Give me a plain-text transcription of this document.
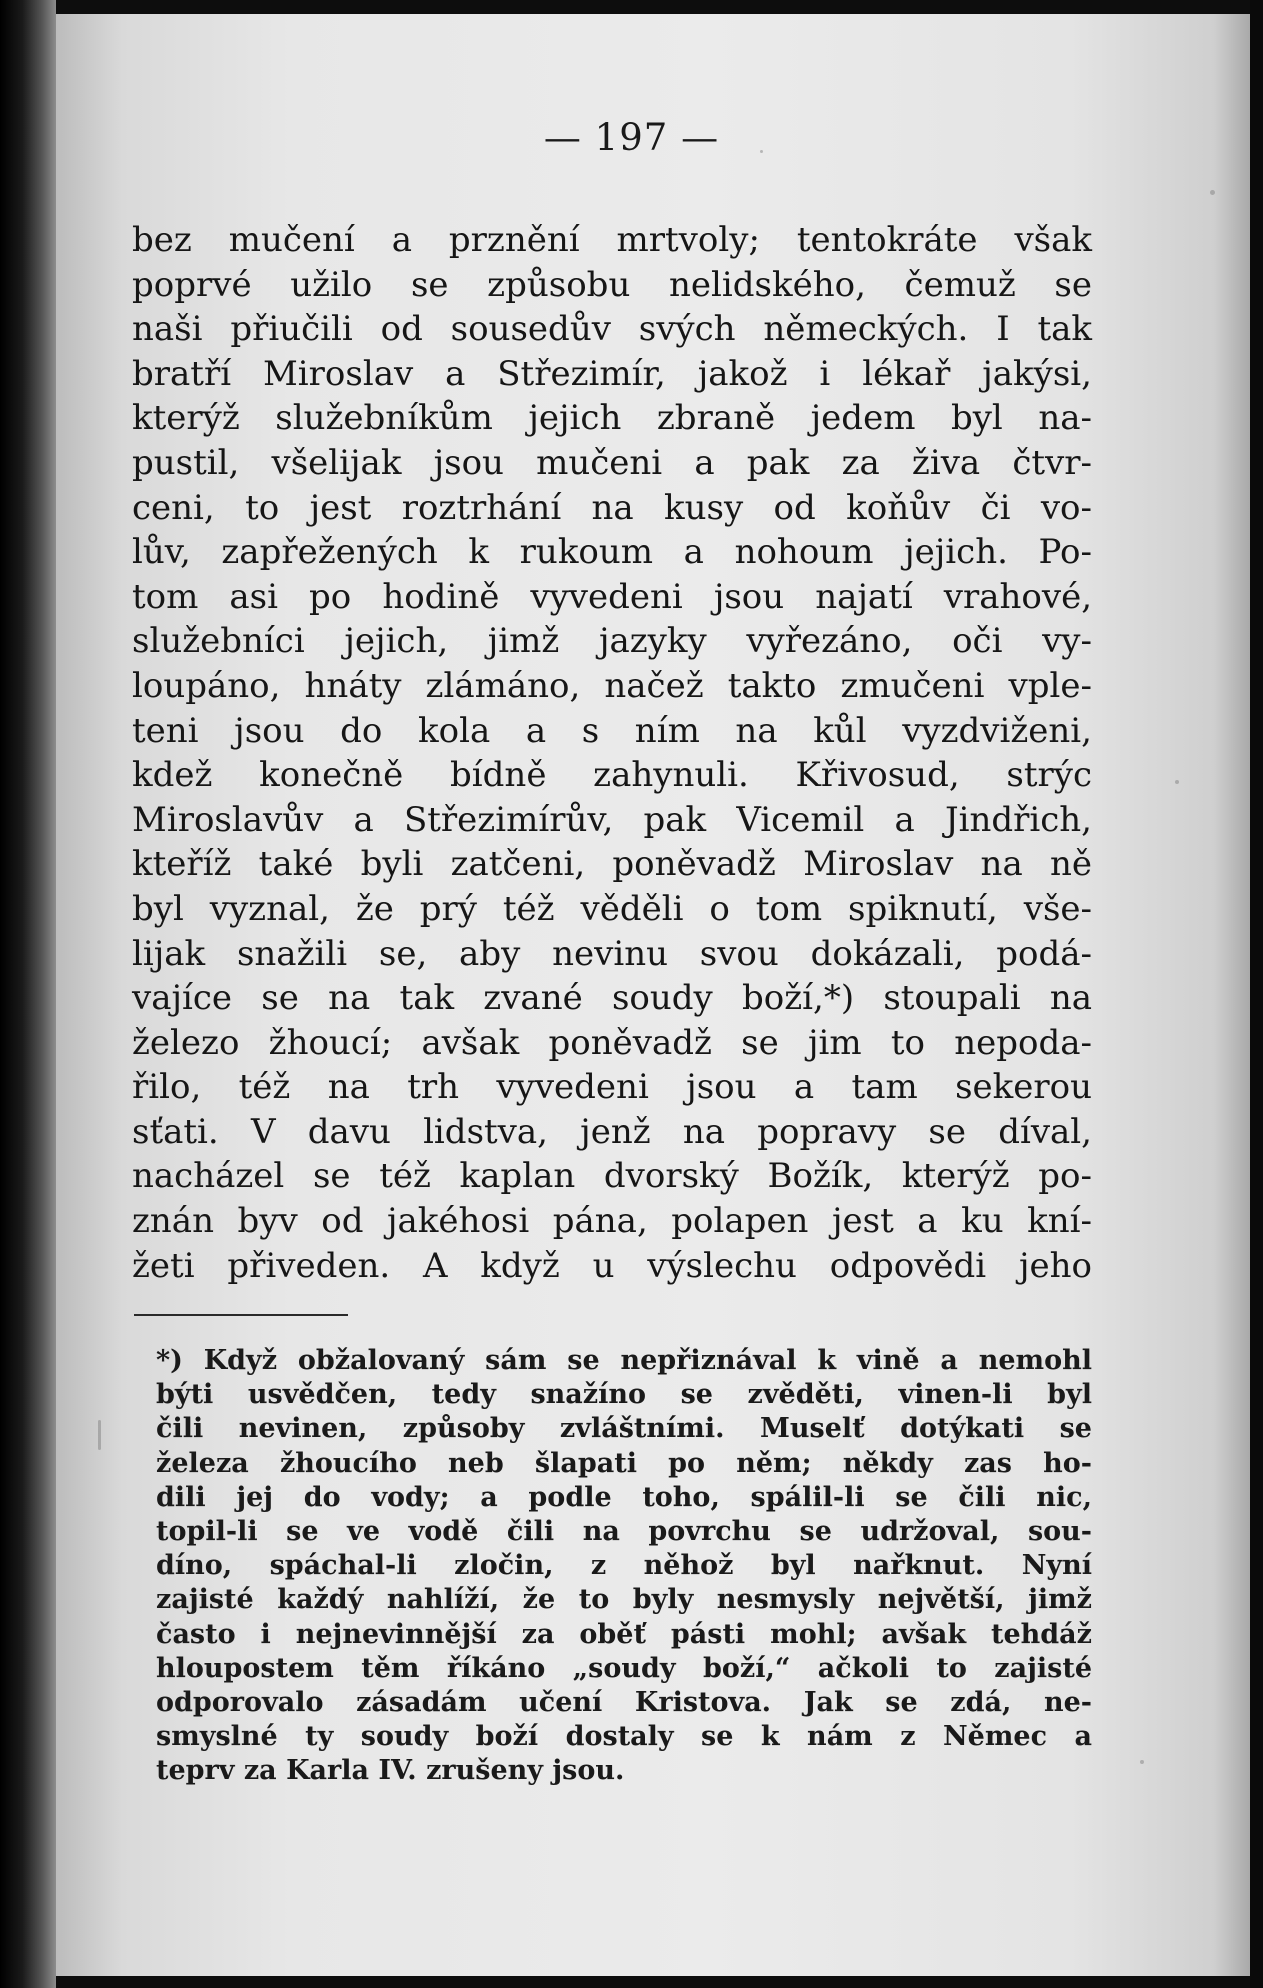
— 197 —
bez mučení a prznění mrtvoly; tentokráte však
poprvé užilo se způsobu nelidského, čemuž se
naši přiučili od sousedův svých německých. I tak
bratří Miroslav a Střezimír, jakož i lékař jakýsi,
kterýž služebníkům jejich zbraně jedem byl na-
pustil, všelijak jsou mučeni a pak za živa čtvr-
ceni, to jest roztrhání na kusy od koňův či vo-
lův, zapřežených k rukoum a nohoum jejich. Po-
tom asi po hodině vyvedeni jsou najatí vrahové,
služebníci jejich, jimž jazyky vyřezáno, oči vy-
loupáno, hnáty zlámáno, načež takto zmučeni vple-
teni jsou do kola a s ním na kůl vyzdviženi,
kdež konečně bídně zahynuli. Křivosud, strýc
Miroslavův a Střezimírův, pak Vicemil a Jindřich,
kteříž také byli zatčeni, poněvadž Miroslav na ně
byl vyznal, že prý též věděli o tom spiknutí, vše-
lijak snažili se, aby nevinu svou dokázali, podá-
vajíce se na tak zvané soudy boží,*) stoupali na
železo žhoucí; avšak poněvadž se jim to nepoda-
řilo, též na trh vyvedeni jsou a tam sekerou
sťati. V davu lidstva, jenž na popravy se díval,
nacházel se též kaplan dvorský Božík, kterýž po-
znán byv od jakéhosi pána, polapen jest a ku kní-
žeti přiveden. A když u výslechu odpovědi jeho
*) Když obžalovaný sám se nepřiznával k vině a nemohl
býti usvědčen, tedy snažíno se zvěděti, vinen-li byl
čili nevinen, způsoby zvláštními. Muselť dotýkati se
železa žhoucího neb šlapati po něm; někdy zas ho-
dili jej do vody; a podle toho, spálil-li se čili nic,
topil-li se ve vodě čili na povrchu se udržoval, sou-
díno, spáchal-li zločin, z něhož byl nařknut. Nyní
zajisté každý nahlíží, že to byly nesmysly největší, jimž
často i nejnevinnější za oběť pásti mohl; avšak tehdáž
hloupostem těm říkáno „soudy boží,“ ačkoli to zajisté
odporovalo zásadám učení Kristova. Jak se zdá, ne-
smyslné ty soudy boží dostaly se k nám z Němec a
teprv za Karla IV. zrušeny jsou.
